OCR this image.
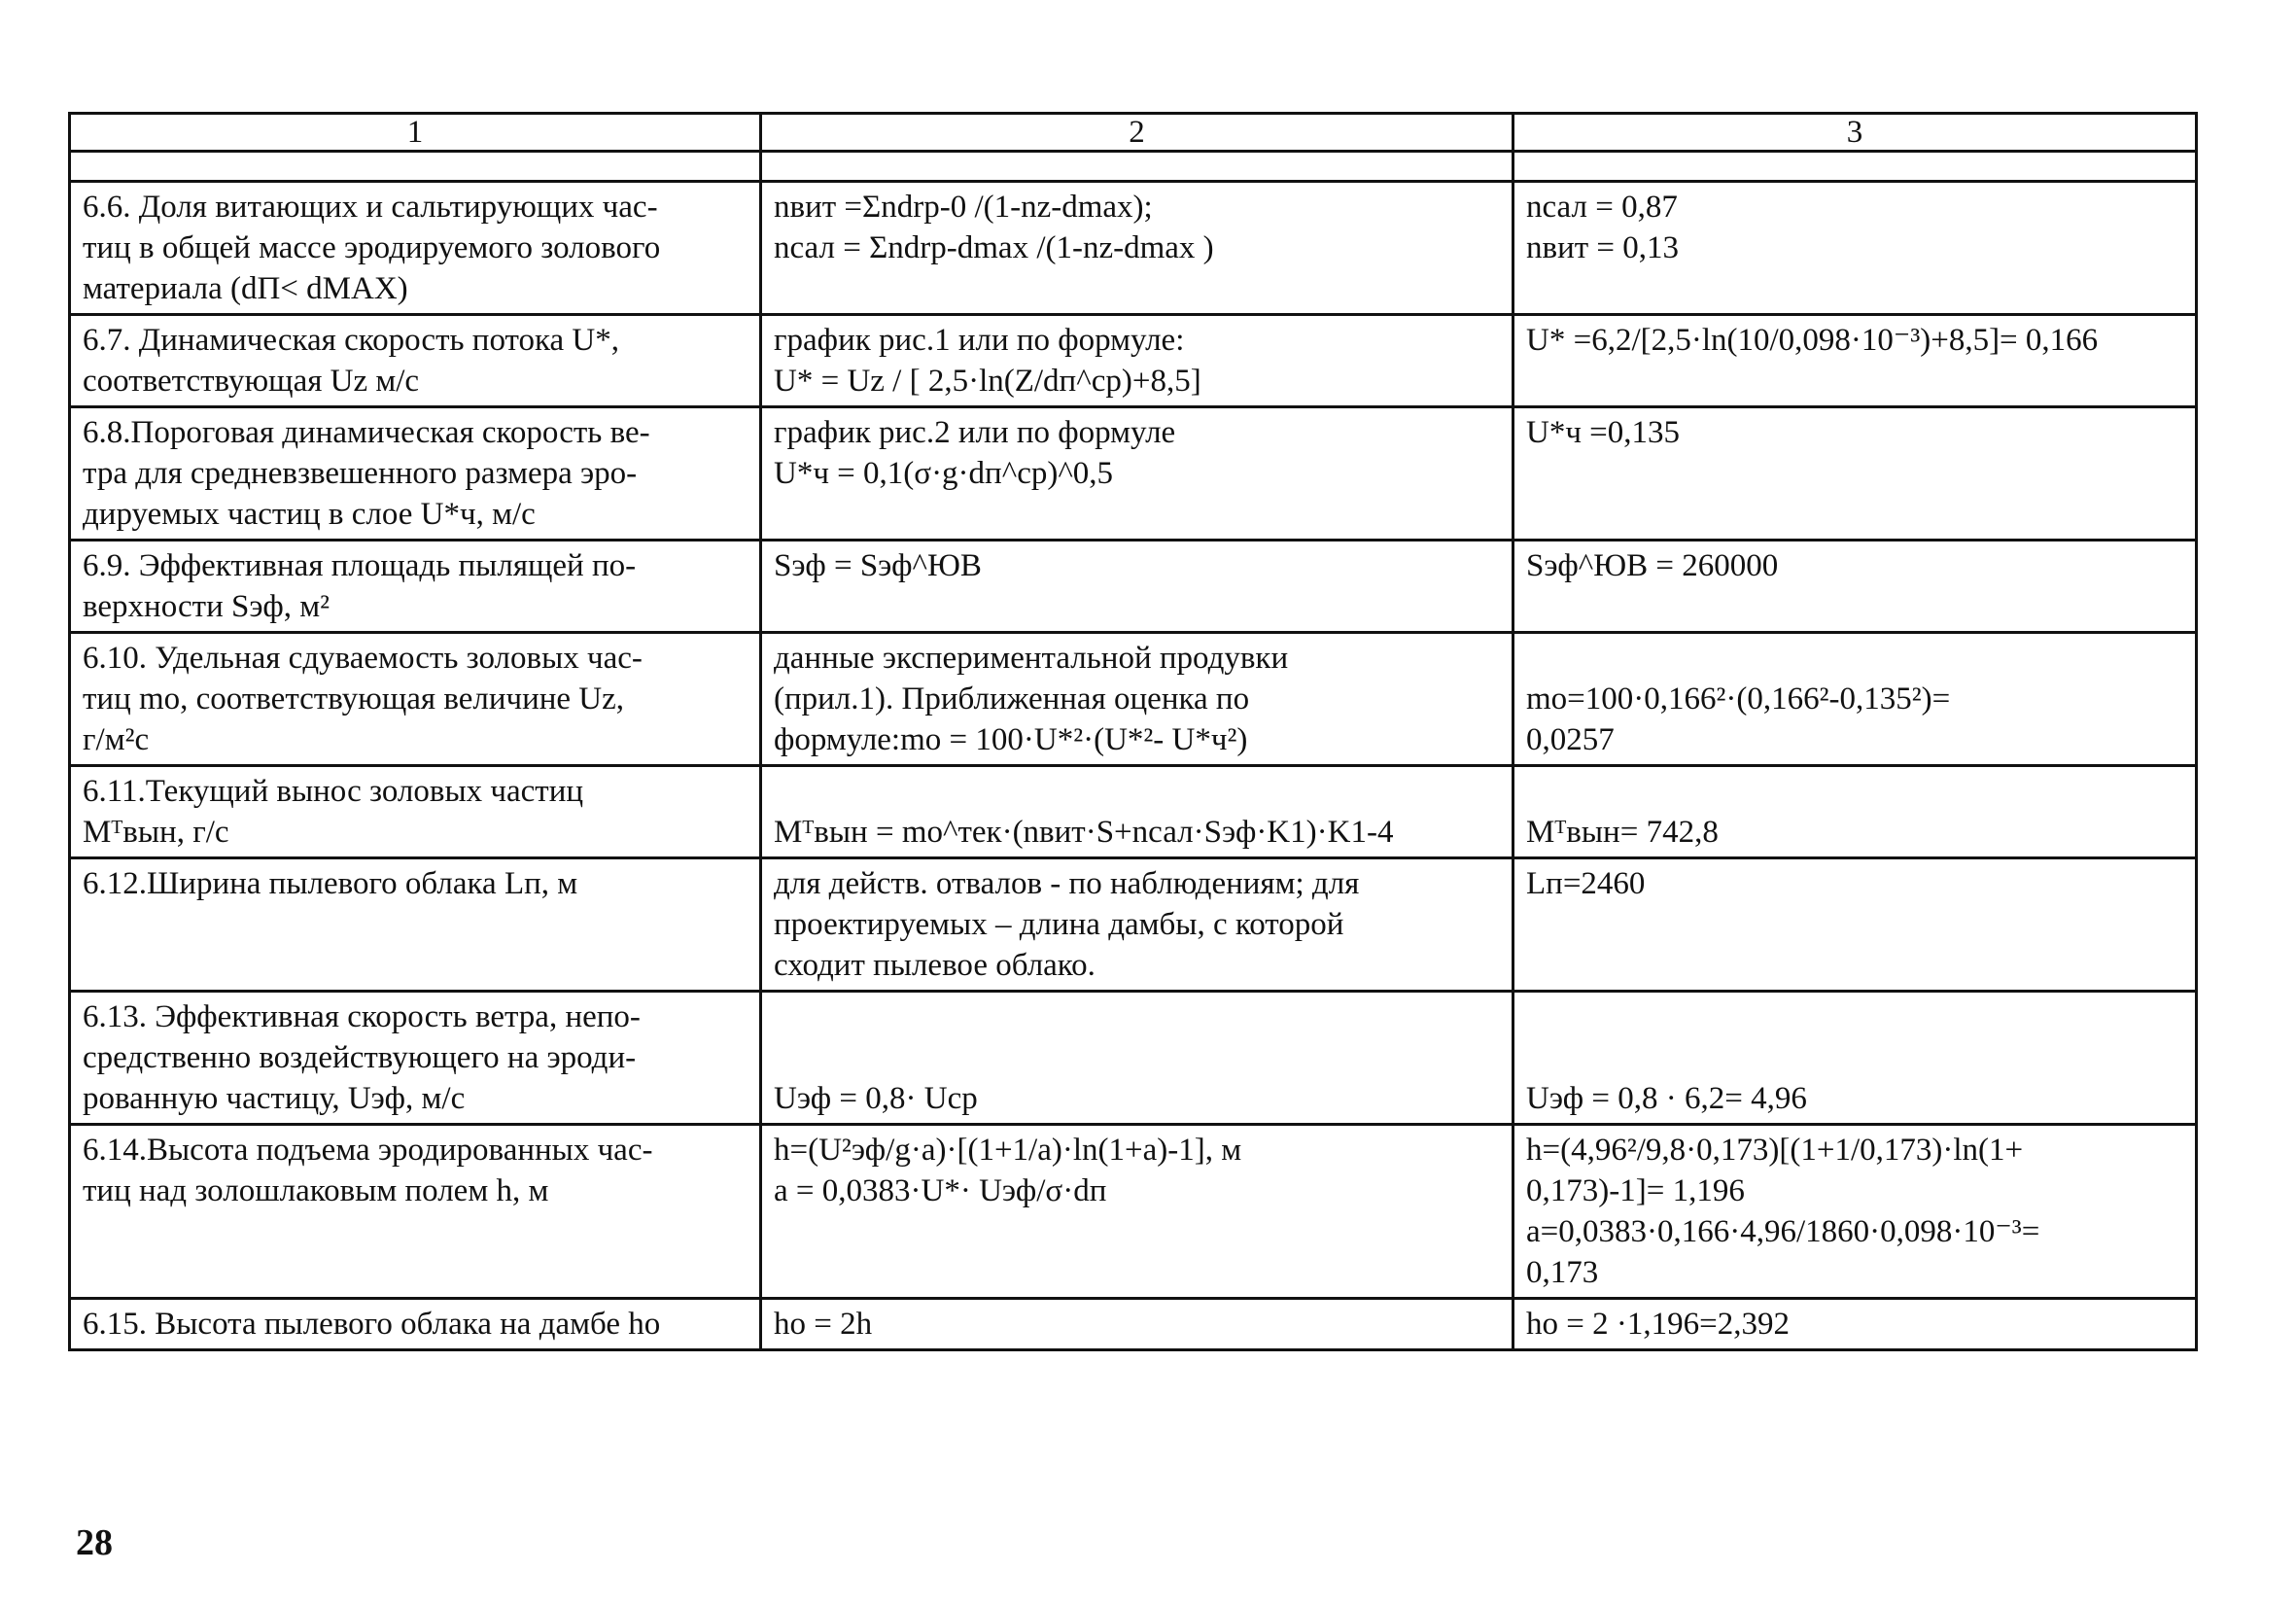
1	2	3

6.6. Доля витающих и сальтирующих час-
тиц в общей массе эродируемого золового
материала (dП< dMAX)	nвит =Σndrp-0 /(1-nz-dmax);
nсал = Σndrp-dmax /(1-nz-dmax )	nсал = 0,87
nвит = 0,13

6.7. Динамическая скорость потока U*,
соответствующая Uz м/с	график рис.1 или по формуле:
U* = Uz / [ 2,5·ln(Z/dп^ср)+8,5]	U* =6,2/[2,5·ln(10/0,098·10⁻³)+8,5]= 0,166

6.8.Пороговая динамическая скорость ве-
тра для средневзвешенного размера эро-
дируемых частиц в слое U*ч, м/с	график рис.2 или по формуле
U*ч = 0,1(σ·g·dп^ср)^0,5	U*ч =0,135

6.9. Эффективная площадь пылящей по-
верхности Sэф, м²	Sэф = Sэф^ЮВ	Sэф^ЮВ = 260000

6.10. Удельная сдуваемость золовых час-
тиц mo, соответствующая величине Uz,
г/м²с	данные экспериментальной продувки
(прил.1). Приближенная оценка по
формуле:mo = 100·U*²·(U*²- U*ч²)	mo=100·0,166²·(0,166²-0,135²)=
0,0257

6.11.Текущий вынос золовых частиц
Mᵀвын, г/с	Mᵀвын = mo^тек·(nвит·S+nсал·Sэф·K1)·K1-4	Mᵀвын= 742,8

6.12.Ширина пылевого облака Lп, м	для действ. отвалов - по наблюдениям; для
проектируемых – длина дамбы, с которой
сходит пылевое облако.	Lп=2460

6.13. Эффективная скорость ветра, непо-
средственно воздействующего на эроди-
рованную частицу, Uэф, м/с	Uэф = 0,8· Uср	Uэф = 0,8 · 6,2= 4,96

6.14.Высота подъема эродированных час-
тиц над золошлаковым полем h, м	h=(U²эф/g·a)·[(1+1/a)·ln(1+a)-1], м
a = 0,0383·U*· Uэф/σ·dп	h=(4,96²/9,8·0,173)[(1+1/0,173)·ln(1+
0,173)-1]= 1,196
a=0,0383·0,166·4,96/1860·0,098·10⁻³=
0,173

6.15. Высота пылевого облака на дамбе hо	hо = 2h	hо = 2 ·1,196=2,392
28
